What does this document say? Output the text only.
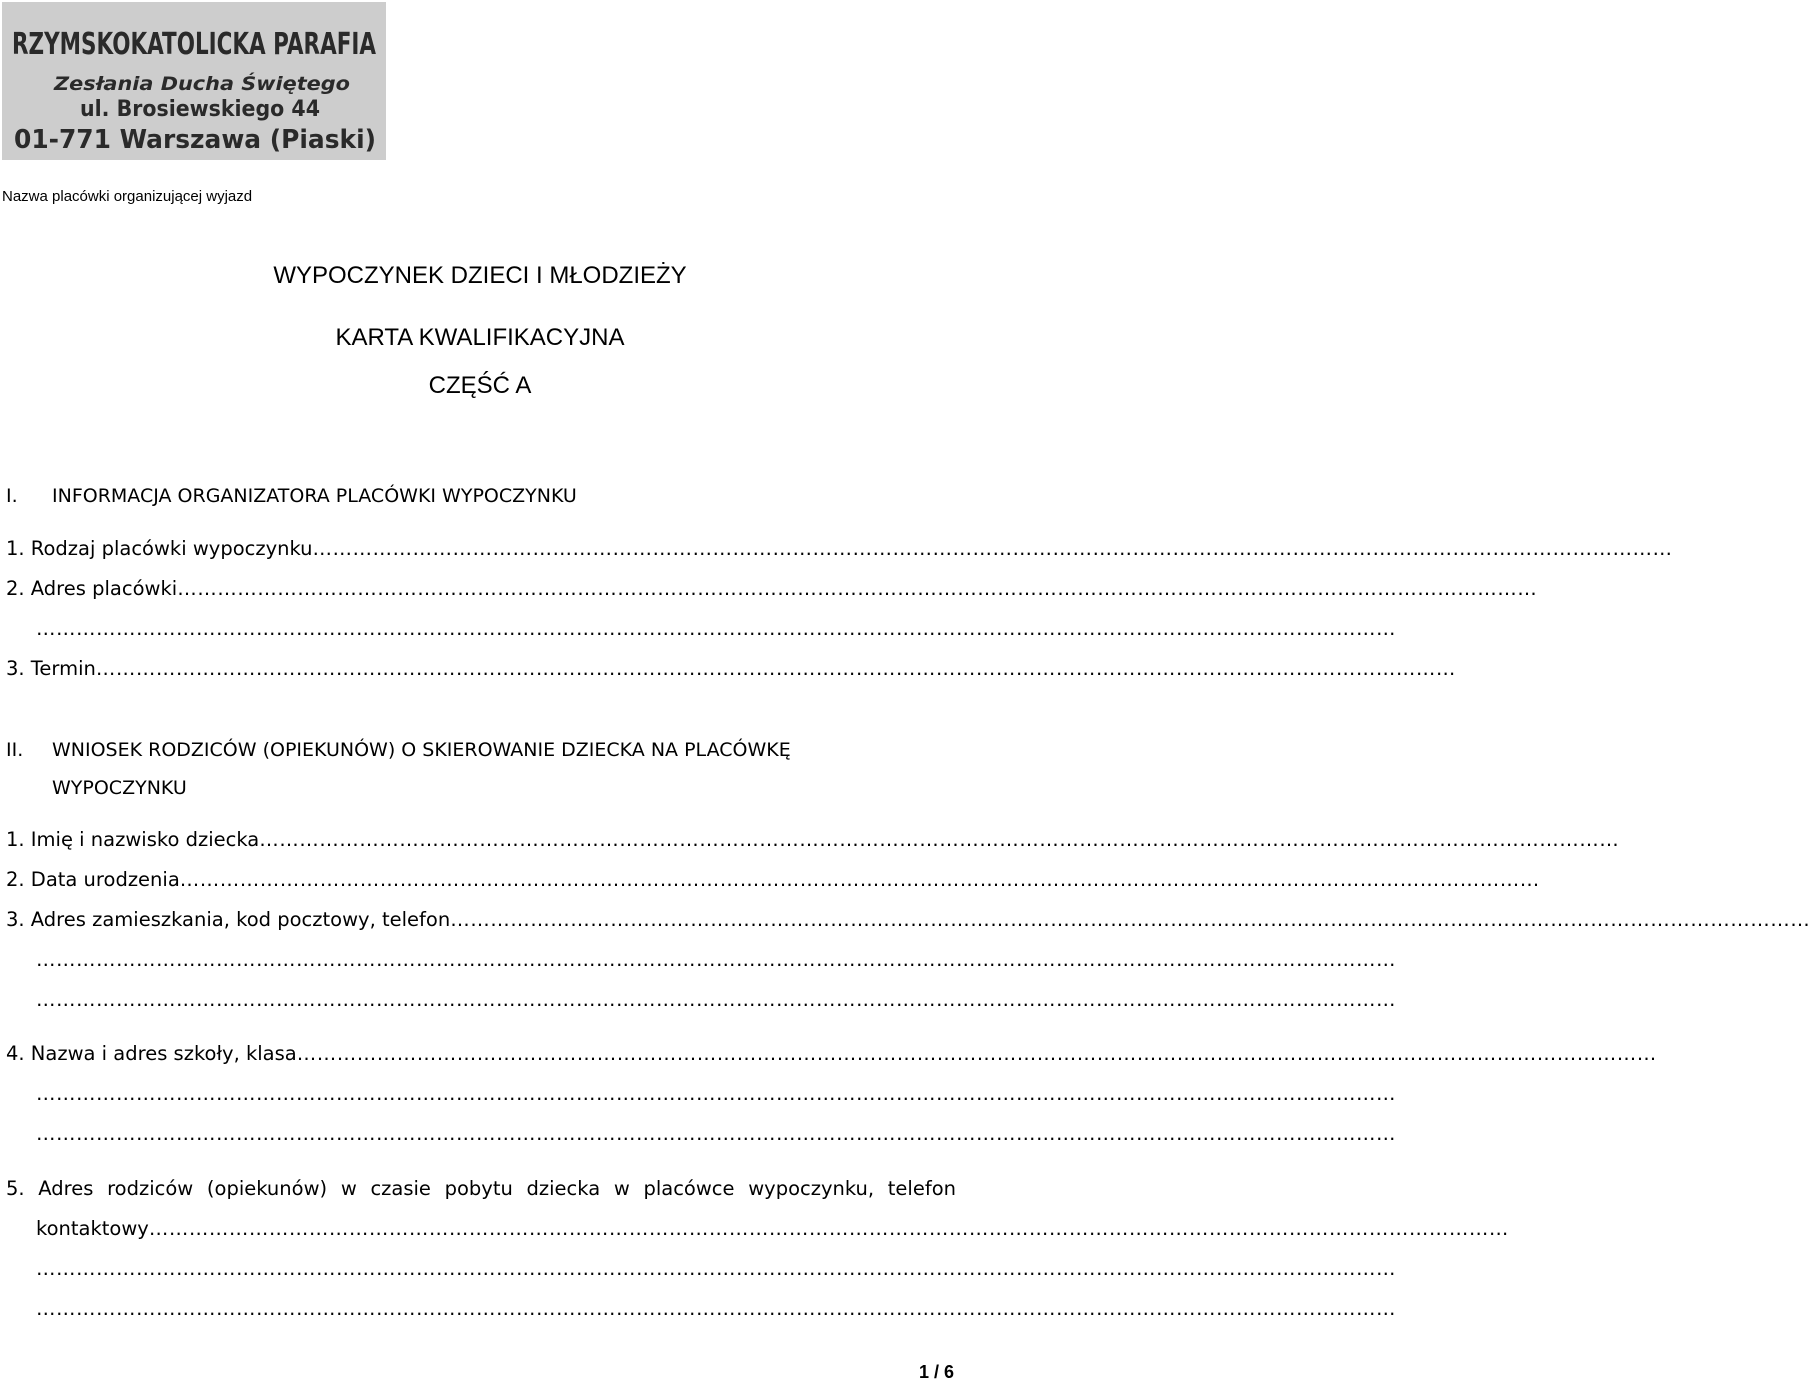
RZYMSKOKATOLICKA PARAFIA
Zesłania Ducha Świętego
ul. Brosiewskiego 44
01-771 Warszawa (Piaski)
Nazwa placówki organizującej wyjazd
WYPOCZYNEK DZIECI I MŁODZIEŻY
KARTA KWALIFIKACYJNA
CZĘŚĆ A
I. INFORMACJA ORGANIZATORA PLACÓWKI WYPOCZYNKU
1. Rodzaj placówki wypoczynku ……………………………………………………………………………………………………………………………………………………………………………………
2. Adres placówki ……………………………………………………………………………………………………………………………………………………………………………………
……………………………………………………………………………………………………………………………………………………………………………………
3. Termin ……………………………………………………………………………………………………………………………………………………………………………………
II. WNIOSEK RODZICÓW (OPIEKUNÓW) O SKIEROWANIE DZIECKA NA PLACÓWKĘ
WYPOCZYNKU
1. Imię i nazwisko dziecka ……………………………………………………………………………………………………………………………………………………………………………………
2. Data urodzenia ……………………………………………………………………………………………………………………………………………………………………………………
3. Adres zamieszkania, kod pocztowy, telefon ……………………………………………………………………………………………………………………………………………………………………………………
……………………………………………………………………………………………………………………………………………………………………………………
……………………………………………………………………………………………………………………………………………………………………………………
4. Nazwa i adres szkoły, klasa ……………………………………………………………………………………………………………………………………………………………………………………
……………………………………………………………………………………………………………………………………………………………………………………
……………………………………………………………………………………………………………………………………………………………………………………
5. Adres rodziców (opiekunów) w czasie pobytu dziecka w placówce wypoczynku, telefon
kontaktowy ……………………………………………………………………………………………………………………………………………………………………………………
……………………………………………………………………………………………………………………………………………………………………………………
……………………………………………………………………………………………………………………………………………………………………………………
1 / 6
